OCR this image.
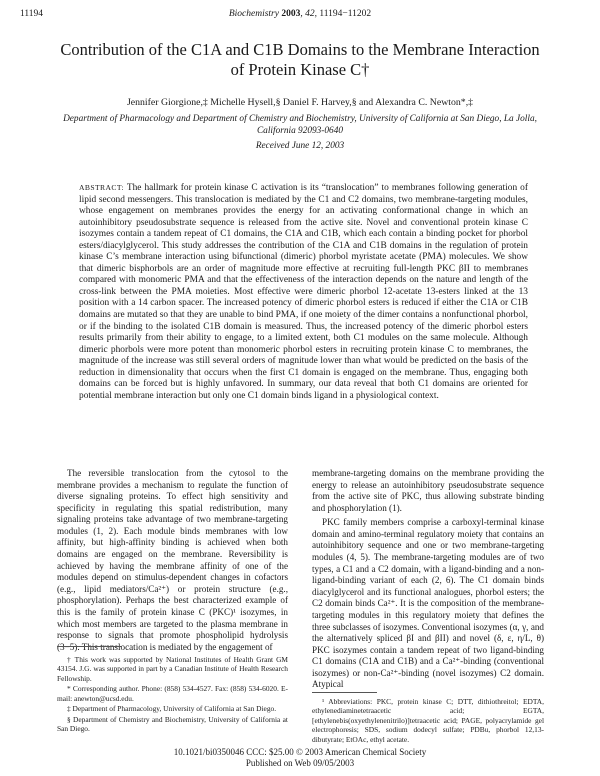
11194	Biochemistry 2003, 42, 11194−11202
Contribution of the C1A and C1B Domains to the Membrane Interaction of Protein Kinase C†
Jennifer Giorgione,‡ Michelle Hysell,§ Daniel F. Harvey,§ and Alexandra C. Newton*,‡
Department of Pharmacology and Department of Chemistry and Biochemistry, University of California at San Diego, La Jolla, California 92093-0640
Received June 12, 2003
ABSTRACT: The hallmark for protein kinase C activation is its “translocation” to membranes following generation of lipid second messengers. This translocation is mediated by the C1 and C2 domains, two membrane-targeting modules, whose engagement on membranes provides the energy for an activating conformational change in which an autoinhibitory pseudosubstrate sequence is released from the active site. Novel and conventional protein kinase C isozymes contain a tandem repeat of C1 domains, the C1A and C1B, which each contain a binding pocket for phorbol esters/diacylglycerol. This study addresses the contribution of the C1A and C1B domains in the regulation of protein kinase C’s membrane interaction using bifunctional (dimeric) phorbol myristate acetate (PMA) molecules. We show that dimeric bisphorbols are an order of magnitude more effective at recruiting full-length PKC βII to membranes compared with monomeric PMA and that the effectiveness of the interaction depends on the nature and length of the cross-link between the PMA moieties. Most effective were dimeric phorbol 12-acetate 13-esters linked at the 13 position with a 14 carbon spacer. The increased potency of dimeric phorbol esters is reduced if either the C1A or C1B domains are mutated so that they are unable to bind PMA, if one moiety of the dimer contains a nonfunctional phorbol, or if the binding to the isolated C1B domain is measured. Thus, the increased potency of the dimeric phorbol esters results primarily from their ability to engage, to a limited extent, both C1 modules on the same molecule. Although dimeric phorbols were more potent than monomeric phorbol esters in recruiting protein kinase C to membranes, the magnitude of the increase was still several orders of magnitude lower than what would be predicted on the basis of the reduction in dimensionality that occurs when the first C1 domain is engaged on the membrane. Thus, engaging both domains can be forced but is highly unfavored. In summary, our data reveal that both C1 domains are oriented for potential membrane interaction but only one C1 domain binds ligand in a physiological context.
The reversible translocation from the cytosol to the membrane provides a mechanism to regulate the function of diverse signaling proteins. To effect high sensitivity and specificity in regulating this spatial redistribution, many signaling proteins take advantage of two membrane-targeting modules (1, 2). Each module binds membranes with low affinity, but high-affinity binding is achieved when both domains are engaged on the membrane. Reversibility is achieved by having the membrane affinity of one of the modules depend on stimulus-dependent changes in cofactors (e.g., lipid mediators/Ca²⁺) or protein structure (e.g., phosphorylation). Perhaps the best characterized example of this is the family of protein kinase C (PKC)¹ isozymes, in which most members are targeted to the plasma membrane in response to signals that promote phospholipid hydrolysis (3−5). This translocation is mediated by the engagement of

membrane-targeting domains on the membrane providing the energy to release an autoinhibitory pseudosubstrate sequence from the active site of PKC, thus allowing substrate binding and phosphorylation (1).

PKC family members comprise a carboxyl-terminal kinase domain and amino-terminal regulatory moiety that contains an autoinhibitory sequence and one or two membrane-targeting modules (4, 5). The membrane-targeting modules are of two types, a C1 and a C2 domain, with a ligand-binding and a non-ligand-binding variant of each (2, 6). The C1 domain binds diacylglycerol and its functional analogues, phorbol esters; the C2 domain binds Ca²⁺. It is the composition of the membrane-targeting modules in this regulatory moiety that defines the three subclasses of isozymes. Conventional isozymes (α, γ, and the alternatively spliced βI and βII) and novel (δ, ε, η/L, θ) PKC isozymes contain a tandem repeat of two ligand-binding C1 domains (C1A and C1B) and a Ca²⁺-binding (conventional isozymes) or non-Ca²⁺-binding (novel isozymes) C2 domain. Atypical

† This work was supported by National Institutes of Health Grant GM 43154. J.G. was supported in part by a Canadian Institute of Health Research Fellowship.

* Corresponding author. Phone: (858) 534-4527. Fax: (858) 534-6020. E-mail: anewton@ucsd.edu.

‡ Department of Pharmacology, University of California at San Diego.

§ Department of Chemistry and Biochemistry, University of California at San Diego.

¹ Abbreviations: PKC, protein kinase C; DTT, dithiothreitol; EDTA, ethylenediaminetetraacetic acid; EGTA, [ethylenebis(oxyethylenenitrilo)]tetraacetic acid; PAGE, polyacrylamide gel electrophoresis; SDS, sodium dodecyl sulfate; PDBu, phorbol 12,13-dibutyrate; EtOAc, ethyl acetate.
10.1021/bi0350046 CCC: $25.00 © 2003 American Chemical Society
Published on Web 09/05/2003
